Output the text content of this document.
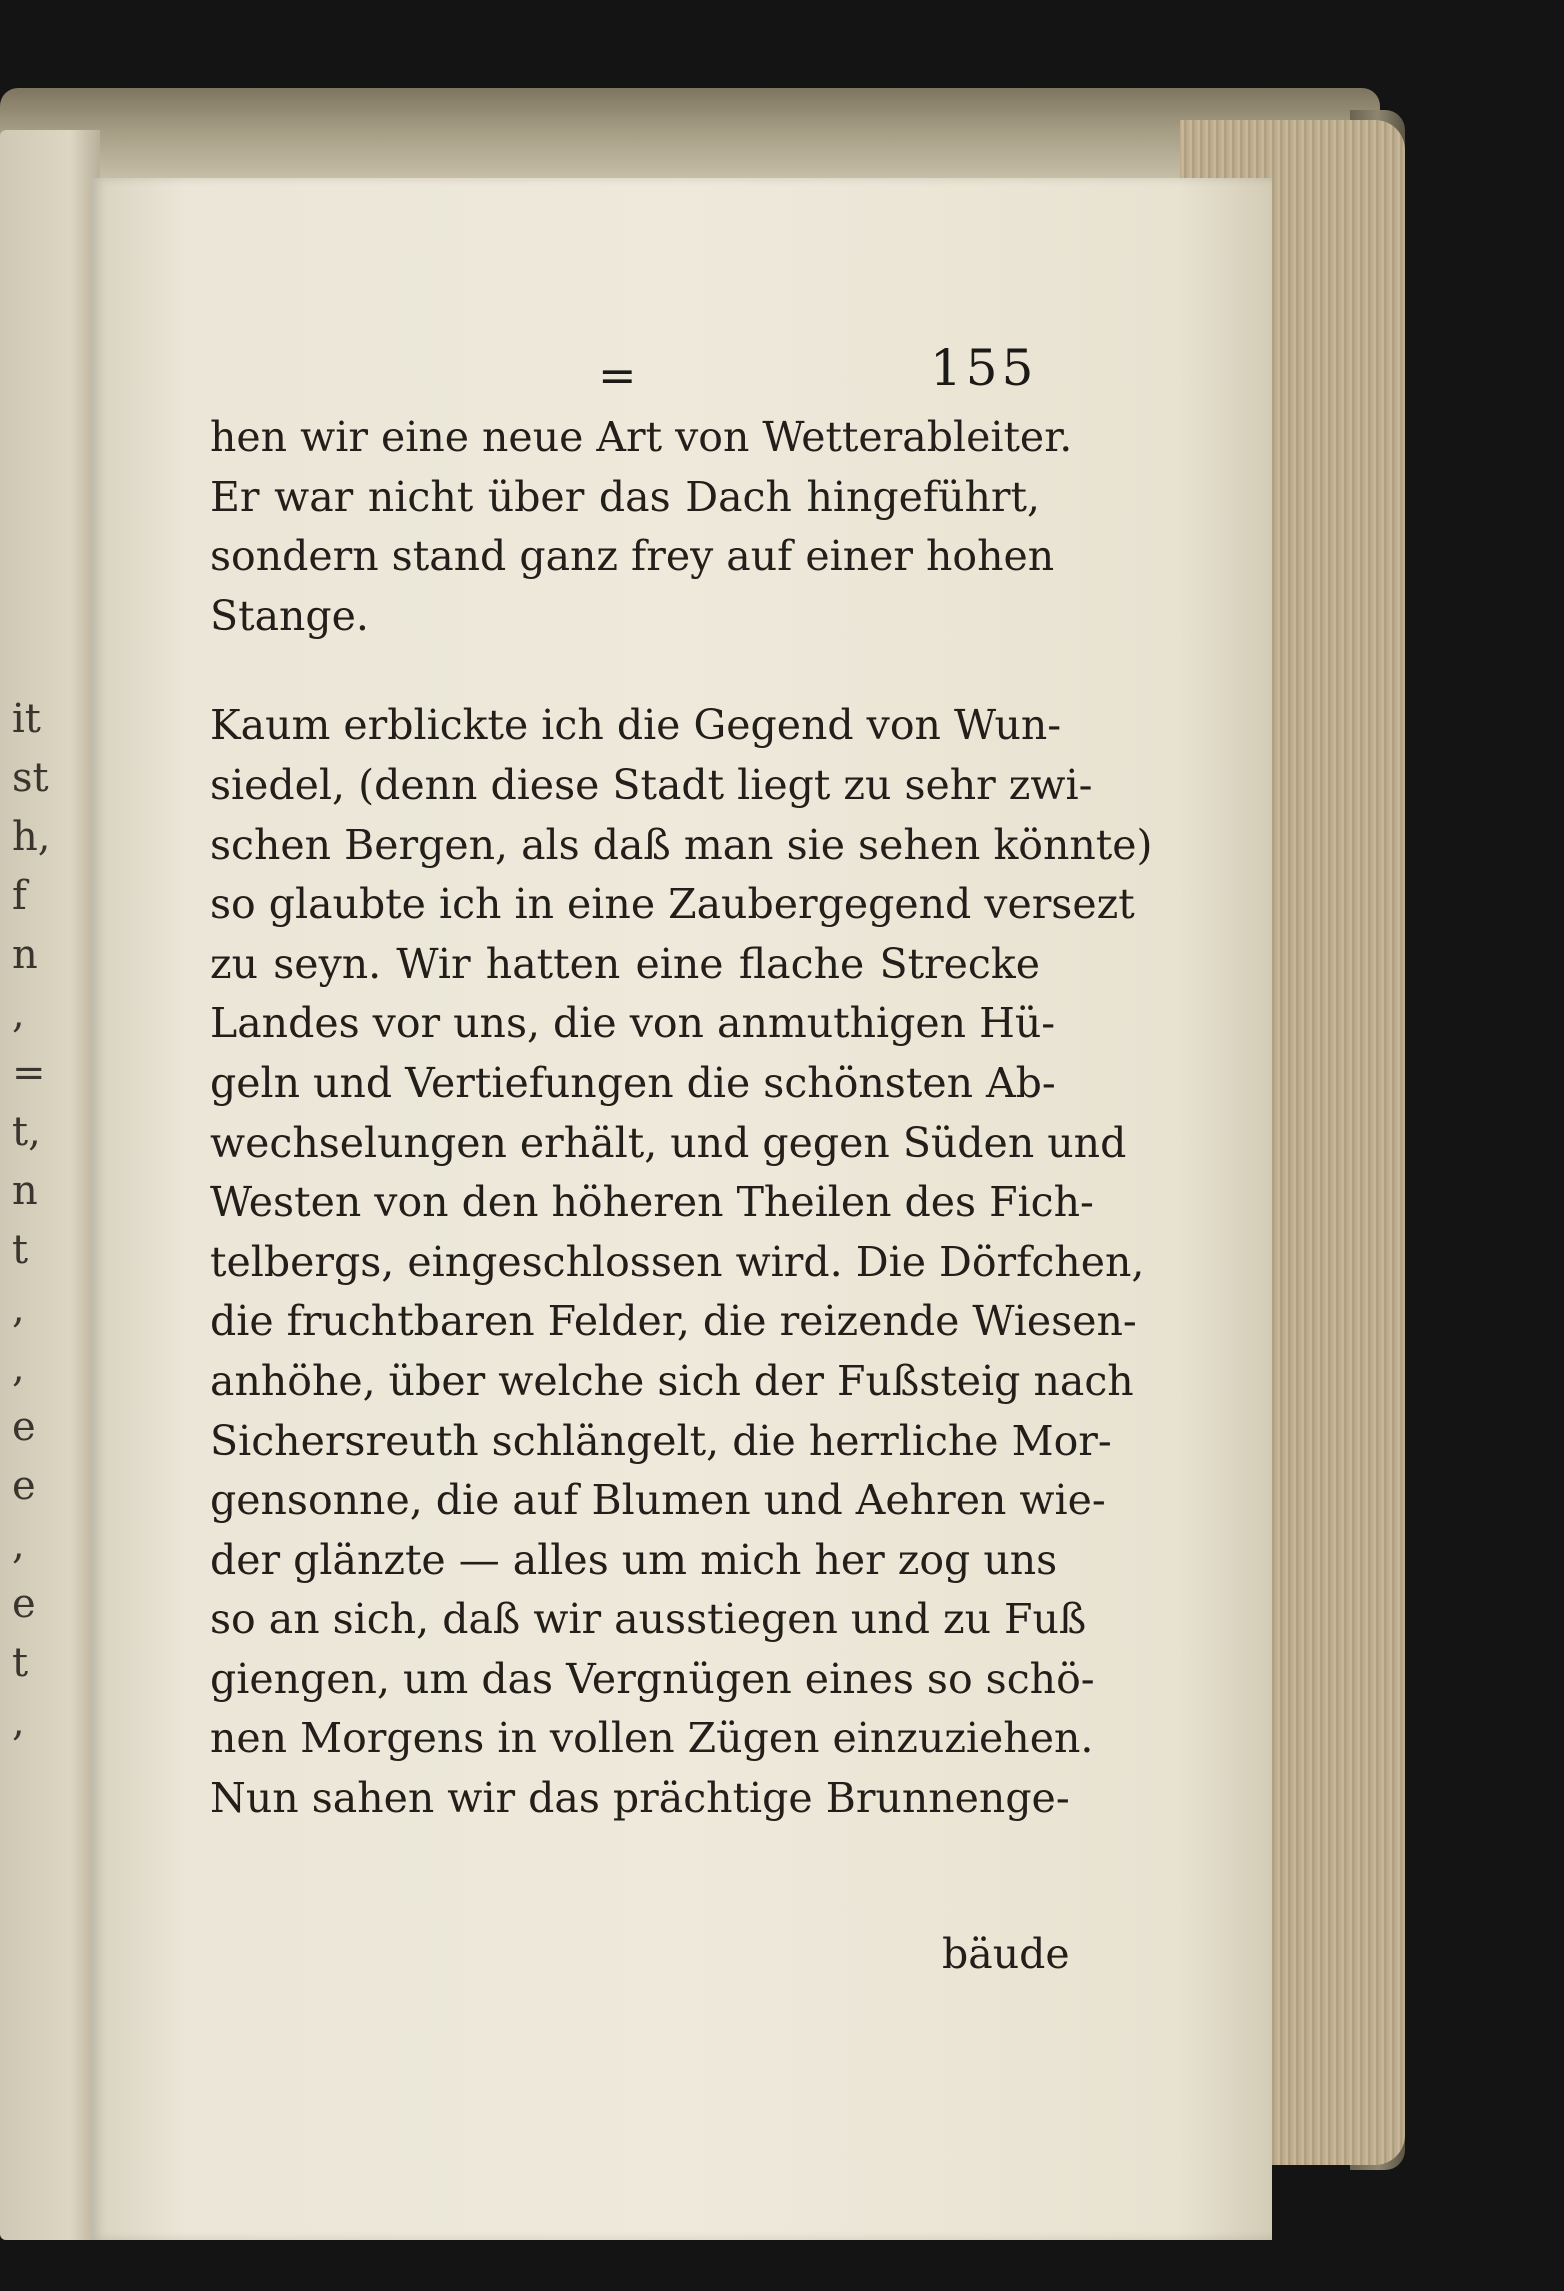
it
st
h,
f
n
,
=
t,
n
t
,
,
e
e
,
e
t
,
=	155
hen wir eine neue Art von Wetterableiter.
Er war nicht über das Dach hingeführt,
sondern stand ganz frey auf einer hohen
Stange.
Kaum erblickte ich die Gegend von Wun-
siedel, (denn diese Stadt liegt zu sehr zwi-
schen Bergen, als daß man sie sehen könnte)
so glaubte ich in eine Zaubergegend versezt
zu seyn. Wir hatten eine flache Strecke
Landes vor uns, die von anmuthigen Hü-
geln und Vertiefungen die schönsten Ab-
wechselungen erhält, und gegen Süden und
Westen von den höheren Theilen des Fich-
telbergs, eingeschlossen wird. Die Dörfchen,
die fruchtbaren Felder, die reizende Wiesen-
anhöhe, über welche sich der Fußsteig nach
Sichersreuth schlängelt, die herrliche Mor-
gensonne, die auf Blumen und Aehren wie-
der glänzte — alles um mich her zog uns
so an sich, daß wir ausstiegen und zu Fuß
giengen, um das Vergnügen eines so schö-
nen Morgens in vollen Zügen einzuziehen.
Nun sahen wir das prächtige Brunnenge-
bäude
